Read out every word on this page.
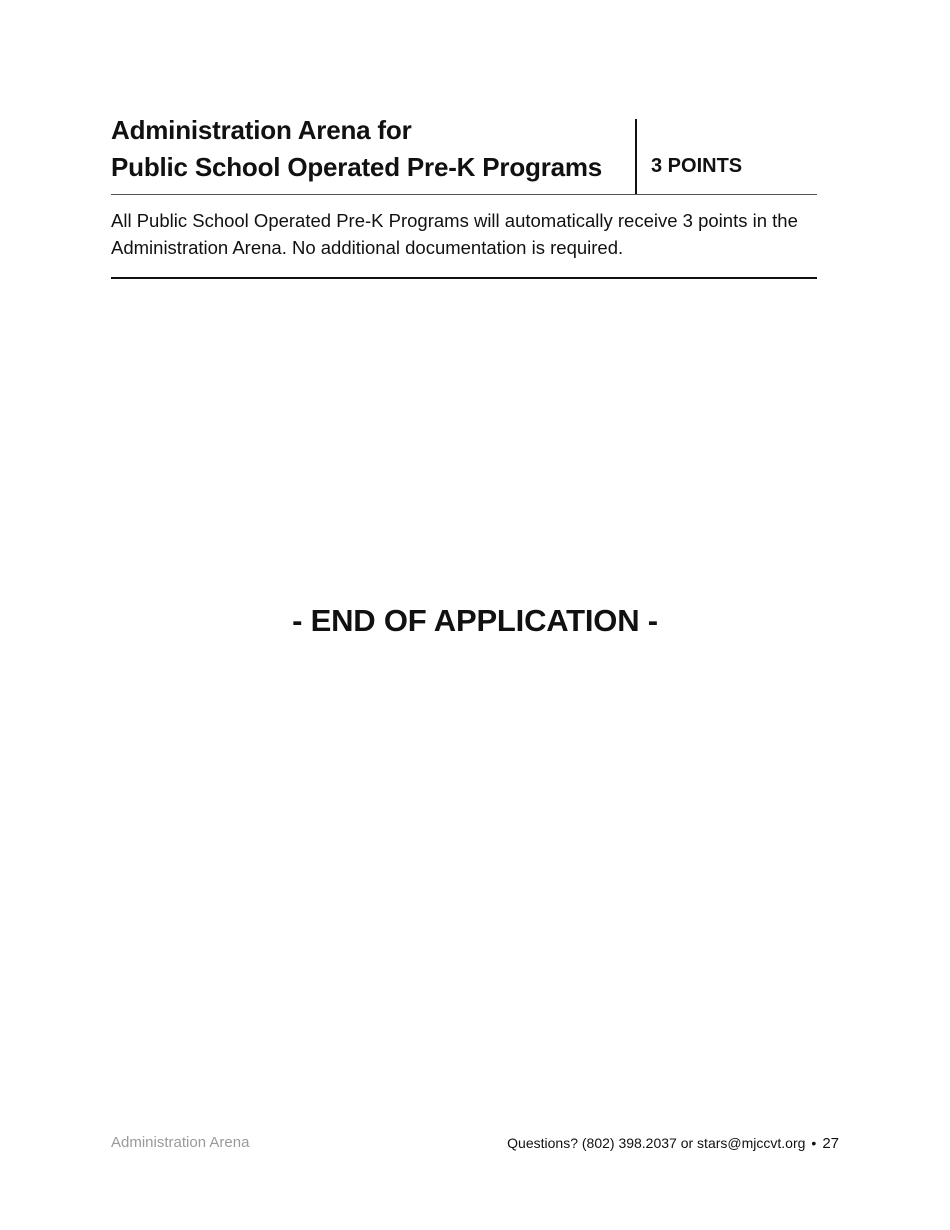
Administration Arena for
Public School Operated Pre-K Programs	3 POINTS
All Public School Operated Pre-K Programs will automatically receive 3 points in the Administration Arena. No additional documentation is required.
- END OF APPLICATION -
Administration Arena	Questions? (802) 398.2037 or stars@mjccvt.org • 27
